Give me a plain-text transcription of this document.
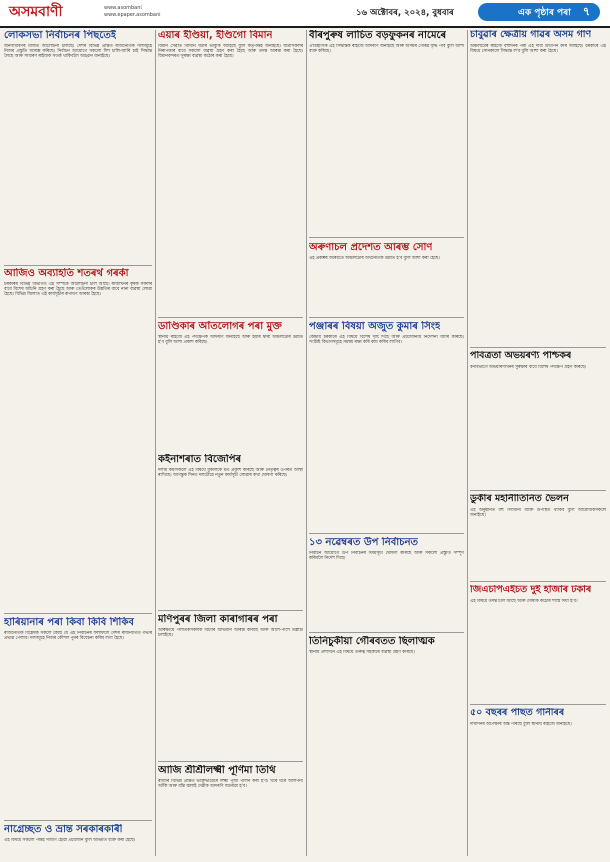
অসমবাণী	www.asombani
www.epaper.asombani	১৬ অক্টোবৰ, ২০২৪, বুধবাৰ	এক পৃষ্ঠাৰ পৰা ৭
লোকসভা নিৰ্বাচনৰ পিছতেই
জনসাধাৰণৰ মাজত আলোচনা চলিছে। দেশৰ বিভিন্ন প্ৰান্তত ৰাজনৈতিক দলসমূহে নিজৰ প্ৰস্তুতি আৰম্ভ কৰিছে। নিৰ্বাচন আয়োগে সকলো দিশ চালি-জাৰি চাই সিদ্ধান্ত লৈছে আৰু সাধাৰণ ৰাইজক সতৰ্ক থাকিবলৈ আহ্বান জনাইছে।
আজিও অব্যাহতি শতৰৰ্থ গৰৰ্কা
চৰকাৰৰ বিভিন্ন বিভাগত এই সম্পৰ্কে আলোচনা চলি আছে। ৰাজ্যখনৰ কৃষক সকলৰ বাবে বিশেষ আঁচনি গ্ৰহণ কৰা হৈছে আৰু তেওঁলোকৰ উন্নতিৰ বাবে নানা ব্যৱস্থা লোৱা হৈছে। বিভিন্ন জিলাত এই কাৰ্যসূচীৰ ৰূপায়ণ আৰম্ভ হৈছে।
হাৰিয়ানাৰ পৰা কিবা কিবি শিকিব
ৰাজনৈতিক বিশ্লেষক সকলে কৈছে যে এই নিৰ্বাচনৰ ফলাফলে দেশৰ ৰাজনীতিত গভীৰ প্ৰভাৱ পেলাব। দলসমূহে নিজৰ কৌশল পুনৰ বিবেচনা কৰিব লগা হৈছে।
নাগ্ৰেচ্ছত ও ভ্ৰান্ত সৰকাৰকাৰী
এই বিষয়ে সকলো পক্ষই সজাগ হোৱা প্ৰয়োজন বুলি অভিমত ব্যক্ত কৰা হৈছে।
এয়াৰ ইণ্ডিয়া, ইণ্ডিগো বিমান
বিমান সেৱাত বিঘিনি ঘটাৰ ভাবুকি আহিছে বুলি কৰ্তৃপক্ষই জনাইছে। যাত্ৰীসকলৰ নিৰাপত্তাৰ বাবে সকলো ব্যৱস্থা গ্ৰহণ কৰা হৈছে আৰু তদন্ত আৰম্ভ কৰা হৈছে। বিমানবন্দৰত সুৰক্ষা ব্যৱস্থা কঠোৰ কৰা হৈছে।
ডাণ্ডিকাৰ আঁতলোগৰ পৰা মুক্ত
স্থানীয় ৰাইজে এই পদক্ষেপক আদৰণি জনাইছে আৰু ইয়াৰ দ্বাৰা অঞ্চলটোৰ উন্নতি হ'ব বুলি আশা প্ৰকাশ কৰিছে।
কইনাশৰাত বিজেপিৰ
দলীয় কৰ্মীসকলে এই বিষয়ে মুকলিকৈ মত প্ৰকাশ কৰিছে আৰু নেতৃত্বৰ ওপৰত আস্থা ৰাখিছে। আগন্তুক দিনত দলটোৱে নতুন কাৰ্যসূচী লোৱাৰ কথা ঘোষণা কৰিছে।
মণিপুৰৰ জিলা কাৰাগাৰৰ পৰা
আৰক্ষীয়ে পলাতকসকলক বিচাৰি অভিযান আৰম্ভ কৰিছে আৰু আশে-পাশে তল্লাচী চলাইছে।
আজি শ্ৰীশ্ৰীলক্ষ্মী পূৰ্ণিমা তিথি
ৰাজ্যৰ বিভিন্ন প্ৰান্তত ভক্তিভাৱেৰে লক্ষ্মী পূজা পালন কৰা হ'ব। ঘৰে ঘৰে আলপনা আঁকি আৰু বন্তি জ্বলাই দেৱীক আদৰণি জনোৱা হ'ব।
বীৰপুৰুষ লাচিত বড়ফুকনৰ নামেৰে
ঐতিহাসিক এই সিদ্ধান্তক ৰাইজে আদৰণি জনাইছে আৰু অসমৰ গৌৰৱ বৃদ্ধি পাব বুলি আশা ব্যক্ত কৰিছে।
অৰুণাচল প্ৰদেশত আৰম্ভ সোণ
এই প্ৰকল্পৰ জৰিয়তে অঞ্চলটোৰ অৰ্থনৈতিক উন্নতি হ'ব বুলি আশা কৰা হৈছে।
পঞ্জাৰৰ বিষয়া অজুত কুমাৰ সিংহ
কেন্দ্ৰীয় চৰকাৰে এই বিষয়ে বিশেষ দৃষ্টি দিছে আৰু প্ৰয়োজনীয় নিৰ্দেশনা জাৰি কৰিছে। সংশ্লিষ্ট বিভাগসমূহে সমন্বয় ৰক্ষা কৰি কাম কৰিব লাগিব।
১৩ নৱেম্বৰত উপ নিৰ্বাচনত
নিৰ্বাচন আয়োগে উপ নিৰ্বাচনৰ সময়সূচী ঘোষণা কৰিছে আৰু সকলো প্ৰস্তুতি সম্পূৰ্ণ কৰিবলৈ নিৰ্দেশ দিছে।
তিনিচুকীয়া গৌৰবতত ছিলাত্মক
স্থানীয় প্ৰশাসনে এই বিষয়ে গুৰুত্ব সহকাৰে ব্যৱস্থা গ্ৰহণ কৰিছে।
চাবুৱাৰ ক্ষেত্ৰীয় গাঁৱৰ অসম গাঁণ
অঞ্চলটোৰ ৰাইজে বহুদিনৰ পৰা এই দাবী উত্থাপন কৰি আহিছে। চৰকাৰে এই বিষয়ে সোনকালে সিদ্ধান্ত ল'ব বুলি আশা কৰা হৈছে।
পবিত্ৰতা অভয়ৰণ্য পশ্চিকৰ
বনবিভাগে অভয়াৰণ্যখনৰ সুৰক্ষাৰ বাবে বিশেষ পদক্ষেপ গ্ৰহণ কৰিছে।
ডুকীৰ মহানীতিনিত ভৈলন
এই অনুষ্ঠানত বহু গণ্যমান্য ব্যক্তি উপস্থিত থাকিব বুলি আয়োজকসকলে জনাইছে।
জিএচপিএইচত দুই হাজাৰ টকাৰ
এই বিষয়ে তদন্ত চলি আছে আৰু দোষীক কঠোৰ শাস্তি দিয়া হ'ব।
৫০ বছৰৰ পাছত গানীৰৰ
দীৰ্ঘদিনৰ অপেক্ষাৰ অন্ত পৰিছে বুলি স্থানীয় ৰাইজে জনাইছে।
